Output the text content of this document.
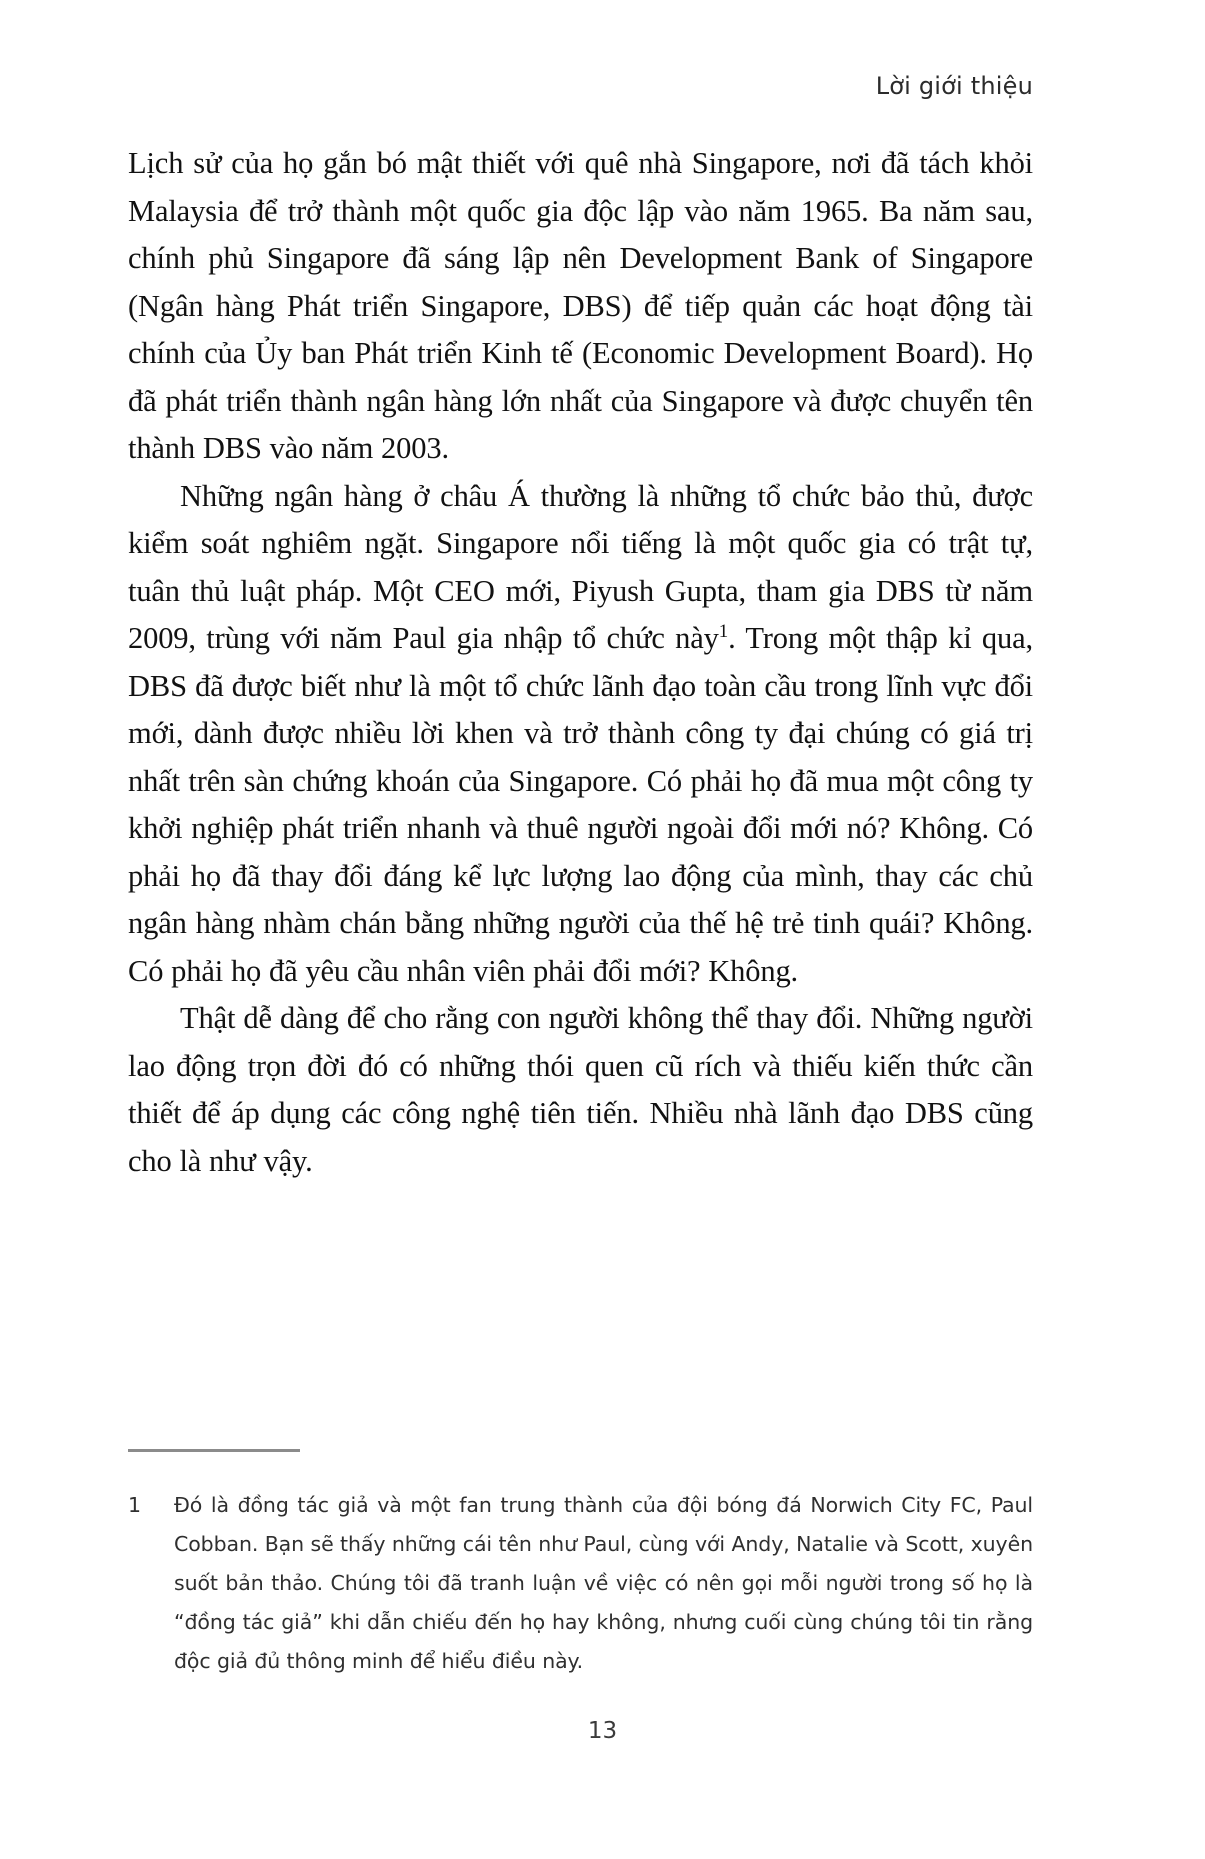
Lời giới thiệu

Lịch sử của họ gắn bó mật thiết với quê nhà Singapore, nơi đã tách khỏi Malaysia để trở thành một quốc gia độc lập vào năm 1965. Ba năm sau, chính phủ Singapore đã sáng lập nên Development Bank of Singapore (Ngân hàng Phát triển Singapore, DBS) để tiếp quản các hoạt động tài chính của Ủy ban Phát triển Kinh tế (Economic Development Board). Họ đã phát triển thành ngân hàng lớn nhất của Singapore và được chuyển tên thành DBS vào năm 2003.

Những ngân hàng ở châu Á thường là những tổ chức bảo thủ, được kiểm soát nghiêm ngặt. Singapore nổi tiếng là một quốc gia có trật tự, tuân thủ luật pháp. Một CEO mới, Piyush Gupta, tham gia DBS từ năm 2009, trùng với năm Paul gia nhập tổ chức này$^1$. Trong một thập kỉ qua, DBS đã được biết như là một tổ chức lãnh đạo toàn cầu trong lĩnh vực đổi mới, dành được nhiều lời khen và trở thành công ty đại chúng có giá trị nhất trên sàn chứng khoán của Singapore. Có phải họ đã mua một công ty khởi nghiệp phát triển nhanh và thuê người ngoài đổi mới nó? Không. Có phải họ đã thay đổi đáng kể lực lượng lao động của mình, thay các chủ ngân hàng nhàm chán bằng những người của thế hệ trẻ tinh quái? Không. Có phải họ đã yêu cầu nhân viên phải đổi mới? Không.

Thật dễ dàng để cho rằng con người không thể thay đổi. Những người lao động trọn đời đó có những thói quen cũ rích và thiếu kiến thức cần thiết để áp dụng các công nghệ tiên tiến. Nhiều nhà lãnh đạo DBS cũng cho là như vậy.

1	Đó là đồng tác giả và một fan trung thành của đội bóng đá Norwich City FC, Paul Cobban. Bạn sẽ thấy những cái tên như Paul, cùng với Andy, Natalie và Scott, xuyên suốt bản thảo. Chúng tôi đã tranh luận về việc có nên gọi mỗi người trong số họ là “đồng tác giả” khi dẫn chiếu đến họ hay không, nhưng cuối cùng chúng tôi tin rằng độc giả đủ thông minh để hiểu điều này.
13
